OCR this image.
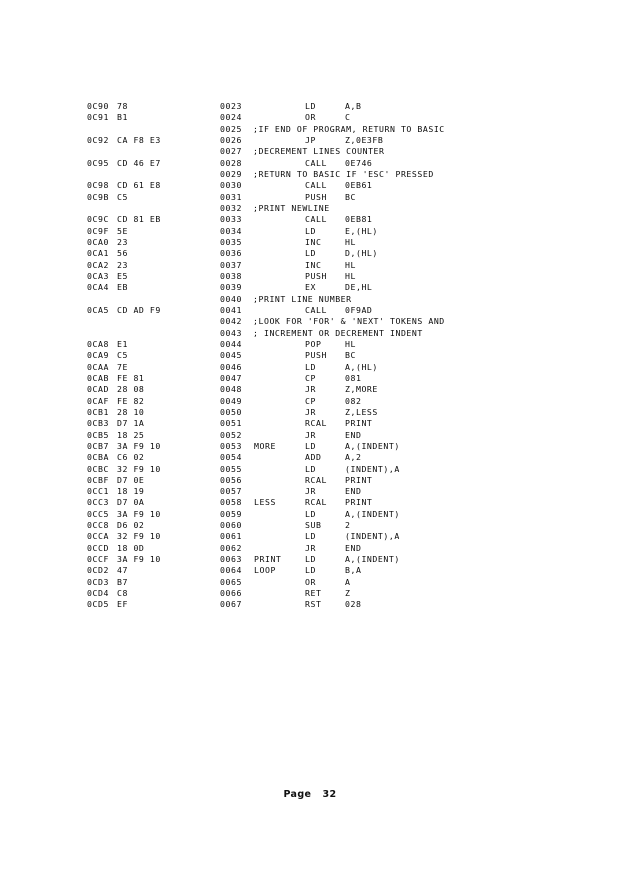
0C90 78	0023	LD	A,B
0C91 B1	0024	OR	C
0025 ;IF END OF PROGRAM, RETURN TO BASIC
0C92 CA F8 E3	0026	JP	Z,0E3FB
0027 ;DECREMENT LINES COUNTER
0C95 CD 46 E7	0028	CALL 0E746
0029 ;RETURN TO BASIC IF 'ESC' PRESSED
0C98 CD 61 E8	0030	CALL 0EB61
0C9B C5	0031	PUSH BC
0032 ;PRINT NEWLINE
0C9C CD 81 EB	0033	CALL 0EB81
0C9F 5E	0034	LD	E,(HL)
0CA0 23	0035	INC	HL
0CA1 56	0036	LD	D,(HL)
0CA2 23	0037	INC	HL
0CA3 E5	0038	PUSH HL
0CA4 EB	0039	EX	DE,HL
0040 ;PRINT LINE NUMBER
0CA5 CD AD F9	0041	CALL 0F9AD
0042 ;LOOK FOR 'FOR' & 'NEXT' TOKENS AND
0043 ; INCREMENT OR DECREMENT INDENT
0CA8 E1	0044	POP	HL
0CA9 C5	0045	PUSH BC
0CAA 7E	0046	LD	A,(HL)
0CAB FE 81	0047	CP	081
0CAD 28 08	0048	JR	Z,MORE
0CAF FE 82	0049	CP	082
0CB1 28 10	0050	JR	Z,LESS
0CB3 D7 1A	0051	RCAL PRINT
0CB5 18 25	0052	JR	END
0CB7 3A F9 10	0053 MORE	LD	A,(INDENT)
0CBA C6 02	0054	ADD	A,2
0CBC 32 F9 10	0055	LD	(INDENT),A
0CBF D7 0E	0056	RCAL PRINT
0CC1 18 19	0057	JR	END
0CC3 D7 0A	0058 LESS	RCAL PRINT
0CC5 3A F9 10	0059	LD	A,(INDENT)
0CC8 D6 02	0060	SUB	2
0CCA 32 F9 10	0061	LD	(INDENT),A
0CCD 18 0D	0062	JR	END
0CCF 3A F9 10	0063 PRINT	LD	A,(INDENT)
0CD2 47	0064 LOOP	LD	B,A
0CD3 B7	0065	OR	A
0CD4 C8	0066	RET	Z
0CD5 EF	0067	RST	028
Page   32
